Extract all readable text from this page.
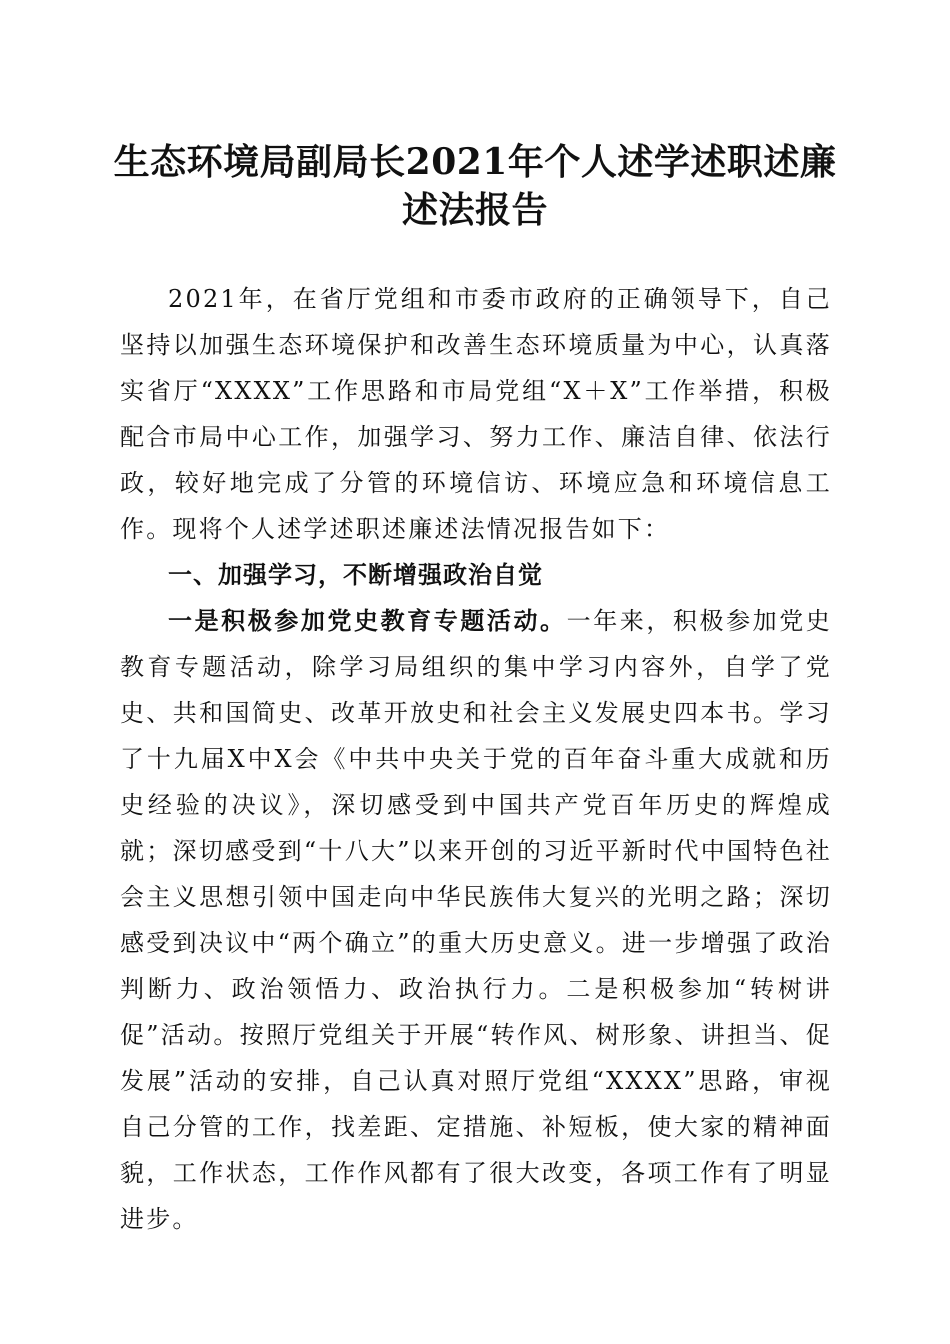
生态环境局副局长2021年个人述学述职述廉
述法报告

2021年，在省厅党组和市委市政府的正确领导下，自己坚持以加强生态环境保护和改善生态环境质量为中心，认真落实省厅“XXXX”工作思路和市局党组“X＋X”工作举措，积极配合市局中心工作，加强学习、努力工作、廉洁自律、依法行政，较好地完成了分管的环境信访、环境应急和环境信息工作。现将个人述学述职述廉述法情况报告如下：

一、加强学习，不断增强政治自觉

一是积极参加党史教育专题活动。一年来，积极参加党史教育专题活动，除学习局组织的集中学习内容外，自学了党史、共和国简史、改革开放史和社会主义发展史四本书。学习了十九届X中X会《中共中央关于党的百年奋斗重大成就和历史经验的决议》，深切感受到中国共产党百年历史的辉煌成就；深切感受到“十八大”以来开创的习近平新时代中国特色社会主义思想引领中国走向中华民族伟大复兴的光明之路；深切感受到决议中“两个确立”的重大历史意义。进一步增强了政治判断力、政治领悟力、政治执行力。二是积极参加“转树讲促”活动。按照厅党组关于开展“转作风、树形象、讲担当、促发展”活动的安排，自己认真对照厅党组“XXXX”思路，审视自己分管的工作，找差距、定措施、补短板，使大家的精神面貌，工作状态，工作作风都有了很大改变，各项工作有了明显进步。
